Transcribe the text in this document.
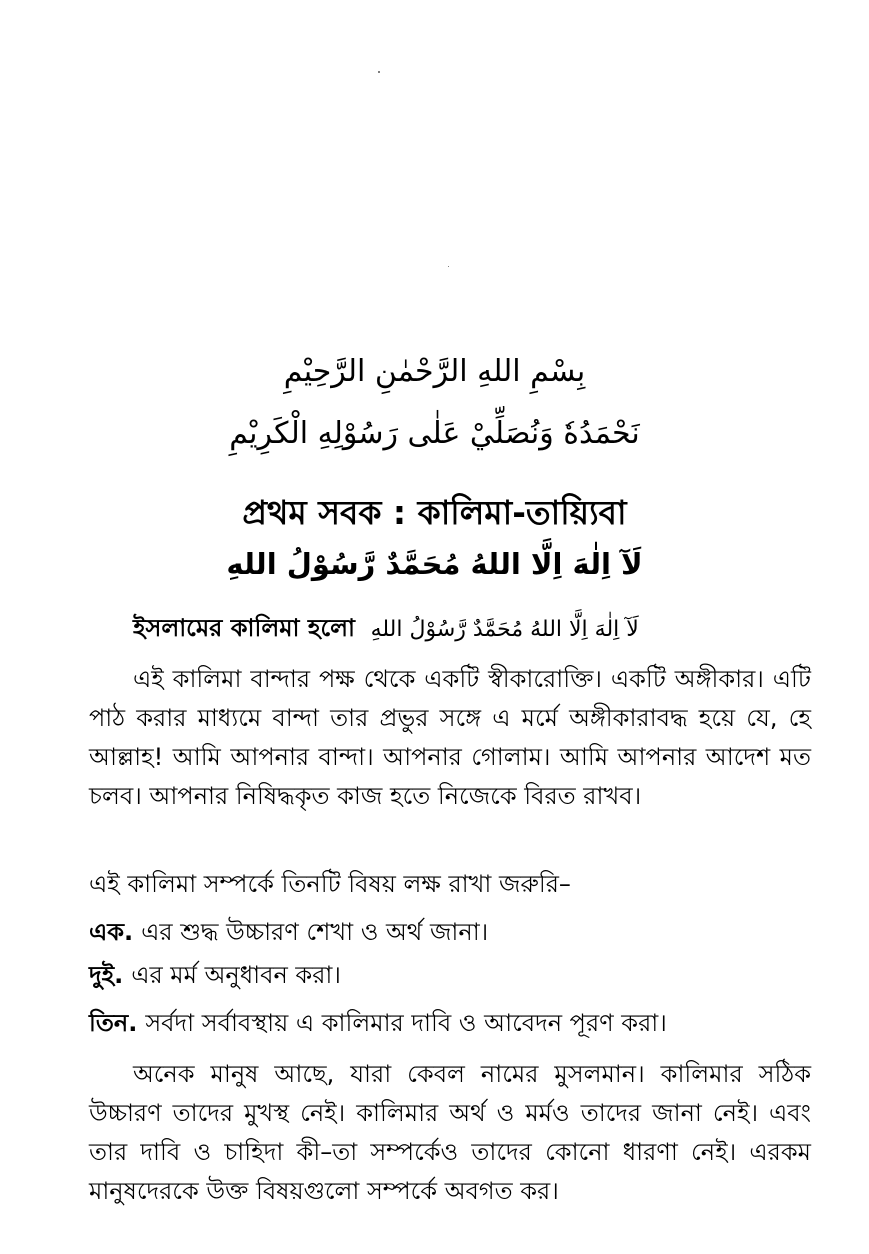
بِسْمِ اللهِ الرَّحْمٰنِ الرَّحِيْمِ
نَحْمَدُهٗ وَنُصَلِّيْ عَلٰى رَسُوْلِهِ الْكَرِيْمِ
প্রথম সবক : কালিমা-তায়্যিবা
لَآ اِلٰهَ اِلَّا اللهُ مُحَمَّدٌ رَّسُوْلُ اللهِ
ইসলামের কালিমা হলো لَآ اِلٰهَ اِلَّا اللهُ مُحَمَّدٌ رَّسُوْلُ اللهِ

এই কালিমা বান্দার পক্ষ থেকে একটি স্বীকারোক্তি। একটি অঙ্গীকার। এটি পাঠ করার মাধ্যমে বান্দা তার প্রভুর সঙ্গে এ মর্মে অঙ্গীকারাবদ্ধ হয়ে যে, হে আল্লাহ! আমি আপনার বান্দা। আপনার গোলাম। আমি আপনার আদেশ মত চলব। আপনার নিষিদ্ধকৃত কাজ হতে নিজেকে বিরত রাখব।

এই কালিমা সম্পর্কে তিনটি বিষয় লক্ষ রাখা জরুরি–
এক. এর শুদ্ধ উচ্চারণ শেখা ও অর্থ জানা।
দুই. এর মর্ম অনুধাবন করা।
তিন. সর্বদা সর্বাবস্থায় এ কালিমার দাবি ও আবেদন পূরণ করা।

অনেক মানুষ আছে, যারা কেবল নামের মুসলমান। কালিমার সঠিক উচ্চারণ তাদের মুখস্থ নেই। কালিমার অর্থ ও মর্মও তাদের জানা নেই। এবং তার দাবি ও চাহিদা কী–তা সম্পর্কেও তাদের কোনো ধারণা নেই। এরকম মানুষদেরকে উক্ত বিষয়গুলো সম্পর্কে অবগত কর।
